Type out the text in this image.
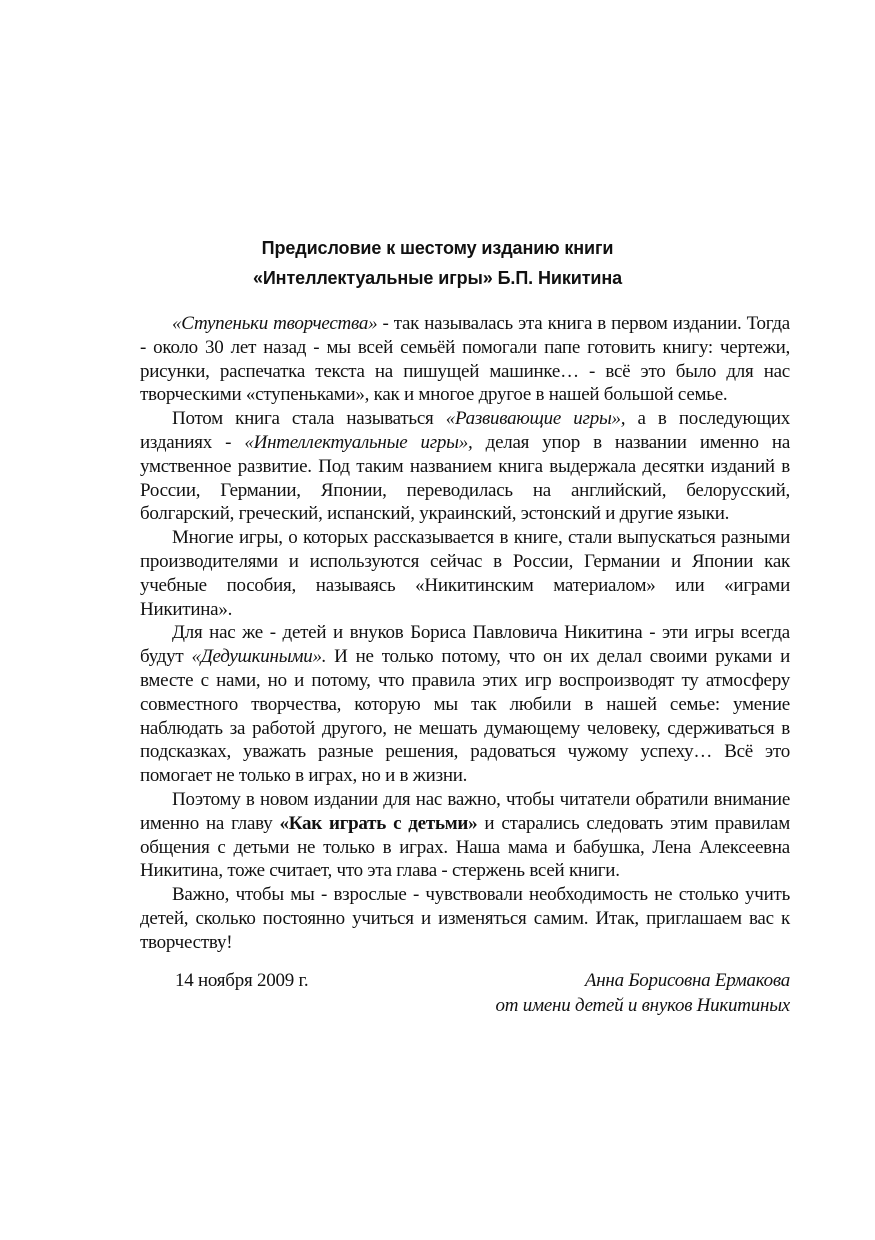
Предисловие к шестому изданию книги
«Интеллектуальные игры» Б.П. Никитина

«Ступеньки творчества» - так называлась эта книга в первом издании. Тогда - около 30 лет назад - мы всей семьёй помогали папе готовить книгу: чертежи, рисунки, распечатка текста на пишущей машинке… - всё это было для нас творческими «ступеньками», как и многое другое в нашей большой семье.

Потом книга стала называться «Развивающие игры», а в последующих изданиях - «Интеллектуальные игры», делая упор в названии именно на умственное развитие. Под таким названием книга выдержала десятки изданий в России, Германии, Японии, переводилась на английский, белорусский, болгарский, греческий, испанский, украинский, эстонский и другие языки.

Многие игры, о которых рассказывается в книге, стали выпускаться разными производителями и используются сейчас в России, Германии и Японии как учебные пособия, называясь «Никитинским материалом» или «играми Никитина».

Для нас же - детей и внуков Бориса Павловича Никитина - эти игры всегда будут «Дедушкиными». И не только потому, что он их делал своими руками и вместе с нами, но и потому, что правила этих игр воспроизводят ту атмосферу совместного творчества, которую мы так любили в нашей семье: умение наблюдать за работой другого, не мешать думающему человеку, сдерживаться в подсказках, уважать разные решения, радоваться чужому успеху… Всё это помогает не только в играх, но и в жизни.

Поэтому в новом издании для нас важно, чтобы читатели обратили внимание именно на главу «Как играть с детьми» и старались следовать этим правилам общения с детьми не только в играх. Наша мама и бабушка, Лена Алексеевна Никитина, тоже считает, что эта глава - стержень всей книги.

Важно, чтобы мы - взрослые - чувствовали необходимость не столько учить детей, сколько постоянно учиться и изменяться самим. Итак, приглашаем вас к творчеству!

14 ноября 2009 г.	Анна Борисовна Ермакова
от имени детей и внуков Никитиных
